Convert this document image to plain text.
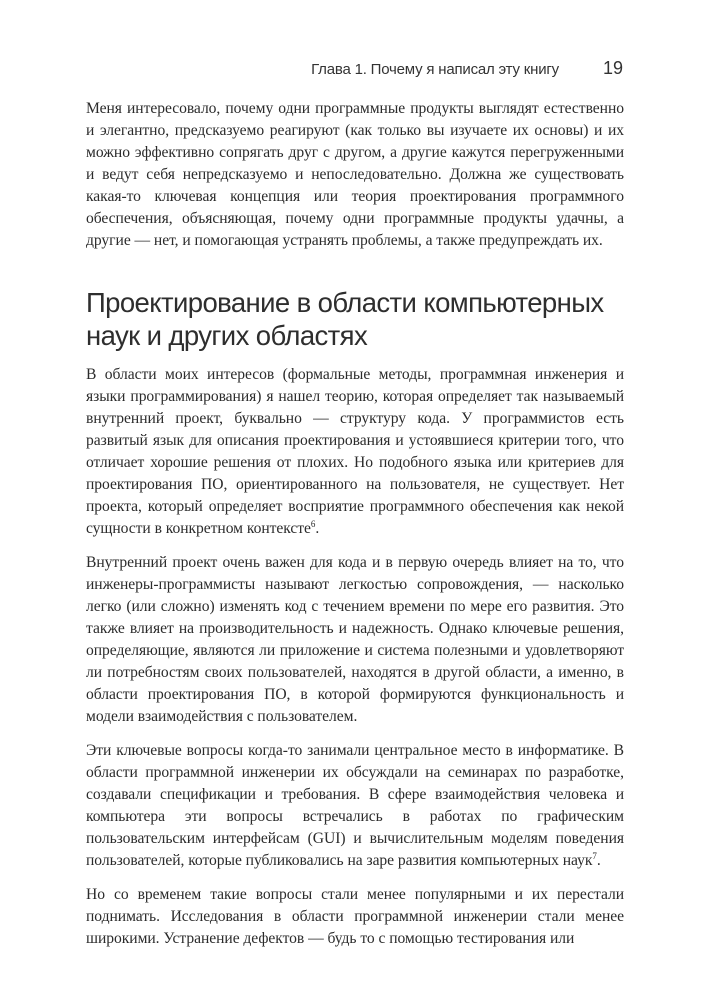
Глава 1. Почему я написал эту книгу 19

Меня интересовало, почему одни программные продукты выглядят естественно и элегантно, предсказуемо реагируют (как только вы изучаете их основы) и их можно эффективно сопрягать друг с другом, а другие кажутся перегруженными и ведут себя непредсказуемо и непоследовательно. Должна же существовать какая-то ключевая концепция или теория проектирования программного обеспечения, объясняющая, почему одни программные продукты удачны, а другие — нет, и помогающая устранять проблемы, а также предупреждать их.

Проектирование в области компьютерных наук и других областях

В области моих интересов (формальные методы, программная инженерия и языки программирования) я нашел теорию, которая определяет так называемый внутренний проект, буквально — структуру кода. У программистов есть развитый язык для описания проектирования и устоявшиеся критерии того, что отличает хорошие решения от плохих. Но подобного языка или критериев для проектирования ПО, ориентированного на пользователя, не существует. Нет проекта, который определяет восприятие программного обеспечения как некой сущности в конкретном контексте$^6$.

Внутренний проект очень важен для кода и в первую очередь влияет на то, что инженеры-программисты называют легкостью сопровождения, — насколько легко (или сложно) изменять код с течением времени по мере его развития. Это также влияет на производительность и надежность. Однако ключевые решения, определяющие, являются ли приложение и система полезными и удовлетворяют ли потребностям своих пользователей, находятся в другой области, а именно, в области проектирования ПО, в которой формируются функциональность и модели взаимодействия с пользователем.

Эти ключевые вопросы когда-то занимали центральное место в информатике. В области программной инженерии их обсуждали на семинарах по разработке, создавали спецификации и требования. В сфере взаимодействия человека и компьютера эти вопросы встречались в работах по графическим пользовательским интерфейсам (GUI) и вычислительным моделям поведения пользователей, которые публиковались на заре развития компьютерных наук$^7$.

Но со временем такие вопросы стали менее популярными и их перестали поднимать. Исследования в области программной инженерии стали менее широкими. Устранение дефектов — будь то с помощью тестирования или
